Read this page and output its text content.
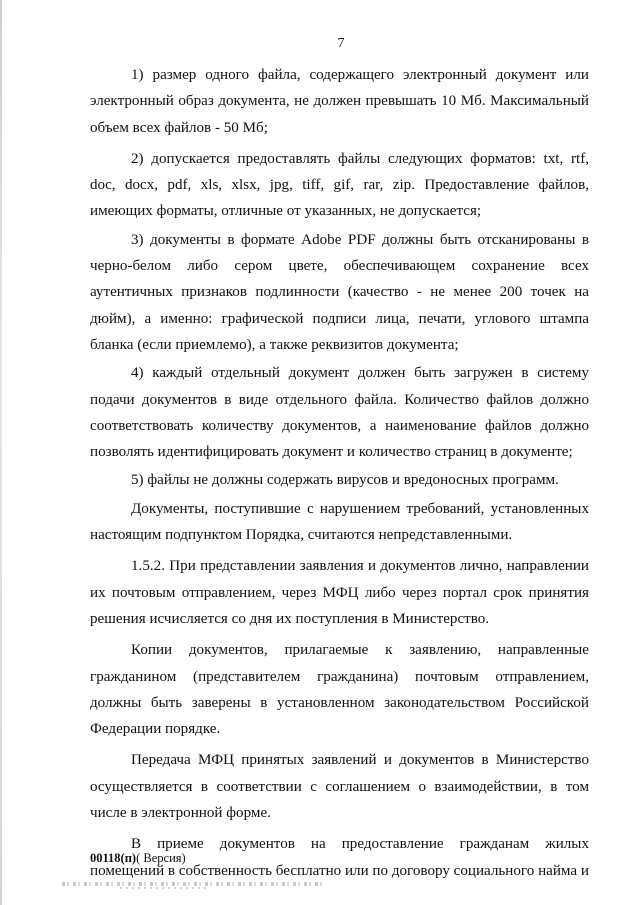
7

1) размер одного файла, содержащего электронный документ или электронный образ документа, не должен превышать 10 Мб. Максимальный объем всех файлов - 50 Мб;

2) допускается предоставлять файлы следующих форматов: txt, rtf, doc, docx, pdf, xls, xlsx, jpg, tiff, gif, rar, zip. Предоставление файлов, имеющих форматы, отличные от указанных, не допускается;

3) документы в формате Adobe PDF должны быть отсканированы в черно-белом либо сером цвете, обеспечивающем сохранение всех аутентичных признаков подлинности (качество - не менее 200 точек на дюйм), а именно: графической подписи лица, печати, углового штампа бланка (если приемлемо), а также реквизитов документа;

4) каждый отдельный документ должен быть загружен в систему подачи документов в виде отдельного файла. Количество файлов должно соответствовать количеству документов, а наименование файлов должно позволять идентифицировать документ и количество страниц в документе;

5) файлы не должны содержать вирусов и вредоносных программ.

Документы, поступившие с нарушением требований, установленных настоящим подпунктом Порядка, считаются непредставленными.

1.5.2. При представлении заявления и документов лично, направлении их почтовым отправлением, через МФЦ либо через портал срок принятия решения исчисляется со дня их поступления в Министерство.

Копии документов, прилагаемые к заявлению, направленные гражданином (представителем гражданина) почтовым отправлением, должны быть заверены в установленном законодательством Российской Федерации порядке.

Передача МФЦ принятых заявлений и документов в Министерство осуществляется в соответствии с соглашением о взаимодействии, в том числе в электронной форме.

В приеме документов на предоставление гражданам жилых помещений в собственность бесплатно или по договору социального найма и

00118(п)( Версия)
